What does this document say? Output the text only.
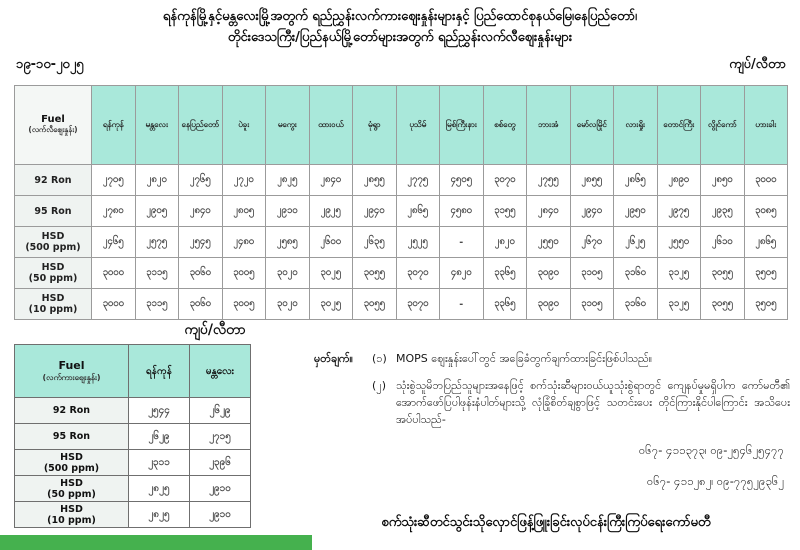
ရန်ကုန်မြို့နှင့်မန္တလေးမြို့အတွက် ရည်ညွှန်းလက်ကားဈေးနှုန်းများနှင့် ပြည်ထောင်စုနယ်မြေ၊နေပြည်တော်၊
တိုင်းဒေသကြီး/ပြည်နယ်မြို့တော်များအတွက် ရည်ညွှန်းလက်လီဈေးနှုန်းများ
၁၉-၁၀-၂၀၂၅	ကျပ်/လီတာ
Fuel
(လက်လီဈေးနှုန်း)	ရန်ကုန်	မန္တလေး	နေပြည်တော်	ပဲခူး	မကွေး	ထားဝယ်	မုံရွာ	ပုသိမ်	မြစ်ကြီးနား	စစ်တွေ	ဘားအံ	မော်လမြိုင်	လားရှိုး	တောင်ကြီး	လွိုင်ကော်	ဟားခါး

92 Ron	၂၇၀၅	၂၈၂၀	၂၇၆၅	၂၇၂၀	၂၈၂၅	၂၈၄၀	၂၈၅၅	၂၇၇၅	၄၅၀၅	၃၀၇၀	၂၇၅၅	၂၈၅၅	၂၈၆၅	၂၈၉၀	၂၈၅၀	၃၀၀၀

95 Ron	၂၇၈၀	၂၉၀၅	၂၈၄၀	၂၈၀၅	၂၉၁၀	၂၉၂၅	၂၉၄၀	၂၈၆၅	၄၅၈၀	၃၁၅၅	၂၈၄၀	၂၉၄၀	၂၉၅၀	၂၉၇၅	၂၉၃၅	၃၀၈၅

HSD
(500 ppm)	၂၄၆၅	၂၅၇၅	၂၅၄၅	၂၄၈၀	၂၅၈၅	၂၆၀၀	၂၆၃၅	၂၅၂၅	-	၂၈၂၀	၂၅၅၀	၂၆၇၀	၂၆၂၅	၂၅၅၀	၂၆၁၀	၂၈၆၅

HSD
(50 ppm)	၃၀၀၀	၃၁၁၅	၃၀၆၀	၃၀၀၅	၃၀၂၀	၃၀၂၅	၃၀၅၅	၃၀၇၀	၄၈၂၀	၃၃၆၅	၃၀၉၀	၃၁၀၅	၃၁၆၀	၃၁၂၅	၃၀၅၅	၃၅၀၅

HSD
(10 ppm)	၃၀၀၀	၃၁၁၅	၃၀၆၀	၃၀၀၅	၃၀၂၀	၃၀၂၅	၃၀၅၅	၃၀၇၀	-	၃၃၆၅	၃၀၉၀	၃၁၀၅	၃၁၆၀	၃၁၂၅	၃၀၅၅	၃၅၀၅
ကျပ်/လီတာ
Fuel
(လက်ကားဈေးနှုန်း)	ရန်ကုန်	မန္တလေး

92 Ron	၂၅၄၄	၂၆၂၉

95 Ron	၂၆၂၉	၂၇၁၅

HSD
(500 ppm)	၂၃၁၁	၂၃၉၆

HSD
(50 ppm)	၂၈၂၅	၂၉၁၀

HSD
(10 ppm)	၂၈၂၅	၂၉၁၀
မှတ်ချက်။	(၁) MOPS ဈေးနှုန်းပေါ်တွင် အခြေခံတွက်ချက်ထားခြင်းဖြစ်ပါသည်။
(၂) သုံးစွဲသူမိဘပြည်သူများအနေဖြင့် စက်သုံးဆီများဝယ်ယူသုံးစွဲရာတွင် ကျေနပ်မှုမရှိပါက ကော်မတီ၏ အောက်ဖော်ပြပါဖုန်းနံပါတ်များသို့ လုံခြုံစိတ်ချစွာဖြင့် သတင်းပေး တိုင်ကြားနိုင်ပါကြောင်း အသိပေးအပ်ပါသည်-
ဝ၆၇- ၄၁၁၃၇၃၊ ဝ၉-၂၅၄၆၂၅၄၇၇
ဝ၆၇- ၄၁၁၂၈၂၊ ဝ၉-၇၇၅၂၉၃၆၂
စက်သုံးဆီတင်သွင်းသိုလှောင်ဖြန့်ဖြူးခြင်းလုပ်ငန်းကြီးကြပ်ရေးကော်မတီ
